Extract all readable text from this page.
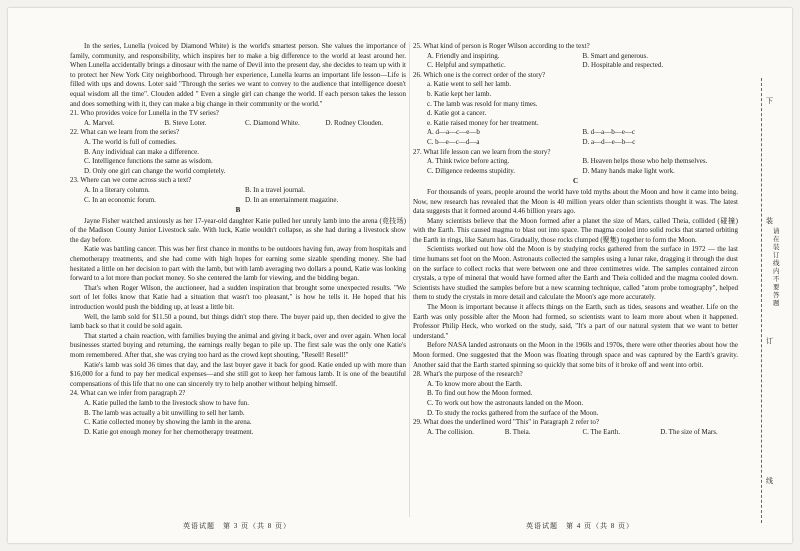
In the series, Lunella (voiced by Diamond White) is the world's smartest person. She values the importance of family, community, and responsibility, which inspires her to make a big difference to the world at least around her. When Lunella accidentally brings a dinosaur with the name of Devil into the present day, she decides to team up with it to protect her New York City neighborhood. Through her experience, Lunella learns an important life lesson—Life is filled with ups and downs. Loter said "Through the series we want to convey to the audience that intelligence doesn't equal wisdom all the time". Clouden added " Even a single girl can change the world. If each person takes the lesson and does something with it, they can make a big change in their community or the world."

21. Who provides voice for Lunella in the TV series?
A. Marvel.	B. Steve Loter.	C. Diamond White.	D. Rodney Clouden.
22. What can we learn from the series?
A. The world is full of comedies.
B. Any individual can make a difference.
C. Intelligence functions the same as wisdom.
D. Only one girl can change the world completely.
23. Where can we come across such a text?
A. In a literary column.	B. In a travel journal.
C. In an economic forum.	D. In an entertainment magazine.
B

Jayne Fisher watched anxiously as her 17-year-old daughter Katie pulled her unruly lamb into the arena (竞技场) of the Madison County Junior Livestock sale. With luck, Katie wouldn't collapse, as she had during a livestock show the day before.

Katie was battling cancer. This was her first chance in months to be outdoors having fun, away from hospitals and chemotherapy treatments, and she had come with high hopes for earning some sizable spending money. She had hesitated a little on her decision to part with the lamb, but with lamb averaging two dollars a pound, Katie was looking forward to a lot more than pocket money. So she centered the lamb for viewing, and the bidding began.

That's when Roger Wilson, the auctioneer, had a sudden inspiration that brought some unexpected results. "We sort of let folks know that Katie had a situation that wasn't too pleasant," is how he tells it. He hoped that his introduction would push the bidding up, at least a little bit.

Well, the lamb sold for $11.50 a pound, but things didn't stop there. The buyer paid up, then decided to give the lamb back so that it could be sold again.

That started a chain reaction, with families buying the animal and giving it back, over and over again. When local businesses started buying and returning, the earnings really began to pile up. The first sale was the only one Katie's mom remembered. After that, she was crying too hard as the crowd kept shouting, "Resell! Resell!"

Katie's lamb was sold 36 times that day, and the last buyer gave it back for good. Katie ended up with more than $16,000 for a fund to pay her medical expenses—and she still got to keep her famous lamb. It is one of the beautiful compensations of this life that no one can sincerely try to help another without helping himself.

24. What can we infer from paragraph 2?
A. Katie pulled the lamb to the livestock show to have fun.
B. The lamb was actually a bit unwilling to sell her lamb.
C. Katie collected money by showing the lamb in the arena.
D. Katie got enough money for her chemotherapy treatment.
25. What kind of person is Roger Wilson according to the text?
A. Friendly and inspiring.	B. Smart and generous.
C. Helpful and sympathetic.	D. Hospitable and respected.
26. Which one is the correct order of the story?
a. Katie went to sell her lamb.
b. Katie kept her lamb.
c. The lamb was resold for many times.
d. Katie got a cancer.
e. Katie raised money for her treatment.
A. d—a—c—e—b	B. d—a—b—e—c
C. b—e—c—d—a	D. a—d—e—b—c
27. What life lesson can we learn from the story?
A. Think twice before acting.	B. Heaven helps those who help themselves.
C. Diligence redeems stupidity.	D. Many hands make light work.
C

For thousands of years, people around the world have told myths about the Moon and how it came into being. Now, new research has revealed that the Moon is 40 million years older than scientists thought it was. The latest data suggests that it formed around 4.46 billion years ago.

Many scientists believe that the Moon formed after a planet the size of Mars, called Theia, collided (碰撞) with the Earth. This caused magma to blast out into space. The magma cooled into solid rocks that started orbiting the Earth in rings, like Saturn has. Gradually, those rocks clumped (聚集) together to form the Moon.

Scientists worked out how old the Moon is by studying rocks gathered from the surface in 1972 — the last time humans set foot on the Moon. Astronauts collected the samples using a lunar rake, dragging it through the dust on the surface to collect rocks that were between one and three centimetres wide. The samples contained zircon crystals, a type of mineral that would have formed after the Earth and Theia collided and the magma cooled down. Scientists have studied the samples before but a new scanning technique, called "atom probe tomography", helped them to study the crystals in more detail and calculate the Moon's age more accurately.

The Moon is important because it affects things on the Earth, such as tides, seasons and weather. Life on the Earth was only possible after the Moon had formed, so scientists want to learn more about when it happened. Professor Philip Heck, who worked on the study, said, "It's a part of our natural system that we want to better understand."

Before NASA landed astronauts on the Moon in the 1960s and 1970s, there were other theories about how the Moon formed. One suggested that the Moon was floating through space and was captured by the Earth's gravity. Another said that the Earth started spinning so quickly that some bits of it broke off and went into orbit.

28. What's the purpose of the research?
A. To know more about the Earth.
B. To find out how the Moon formed.
C. To work out how the astronauts landed on the Moon.
D. To study the rocks gathered from the surface of the Moon.
29. What does the underlined word "This" in Paragraph 2 refer to?
A. The collision.	B. Theia.	C. The Earth.	D. The size of Mars.
英语试题　第 3 页（共 8 页）	英语试题　第 4 页（共 8 页）
下
装
订
线
请在装订线内不要答题
